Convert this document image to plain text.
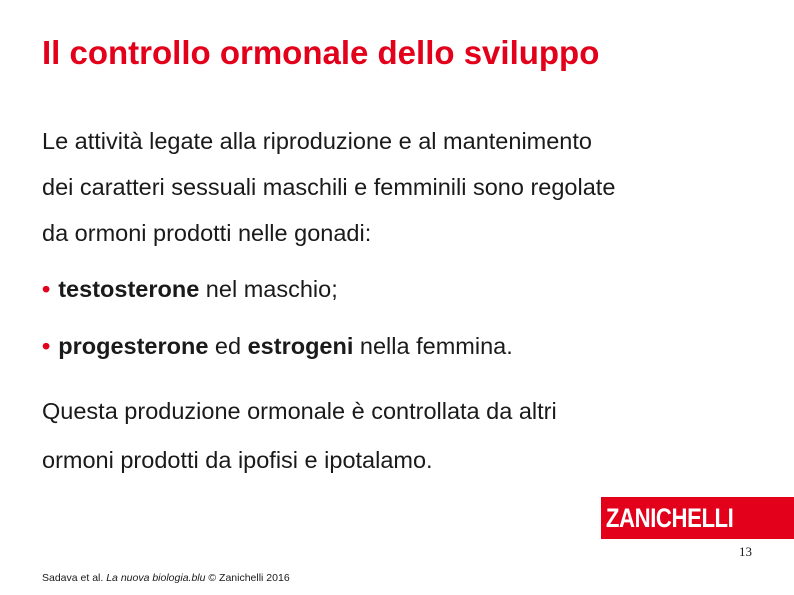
Il controllo ormonale dello sviluppo

Le attività legate alla riproduzione e al mantenimento

dei caratteri sessuali maschili e femminili sono regolate

da ormoni prodotti nelle gonadi:

• testosterone nel maschio;

• progesterone ed estrogeni nella femmina.

Questa produzione ormonale è controllata da altri

ormoni prodotti da ipofisi e ipotalamo.

ZANICHELLI
13
Sadava et al. La nuova biologia.blu © Zanichelli 2016
